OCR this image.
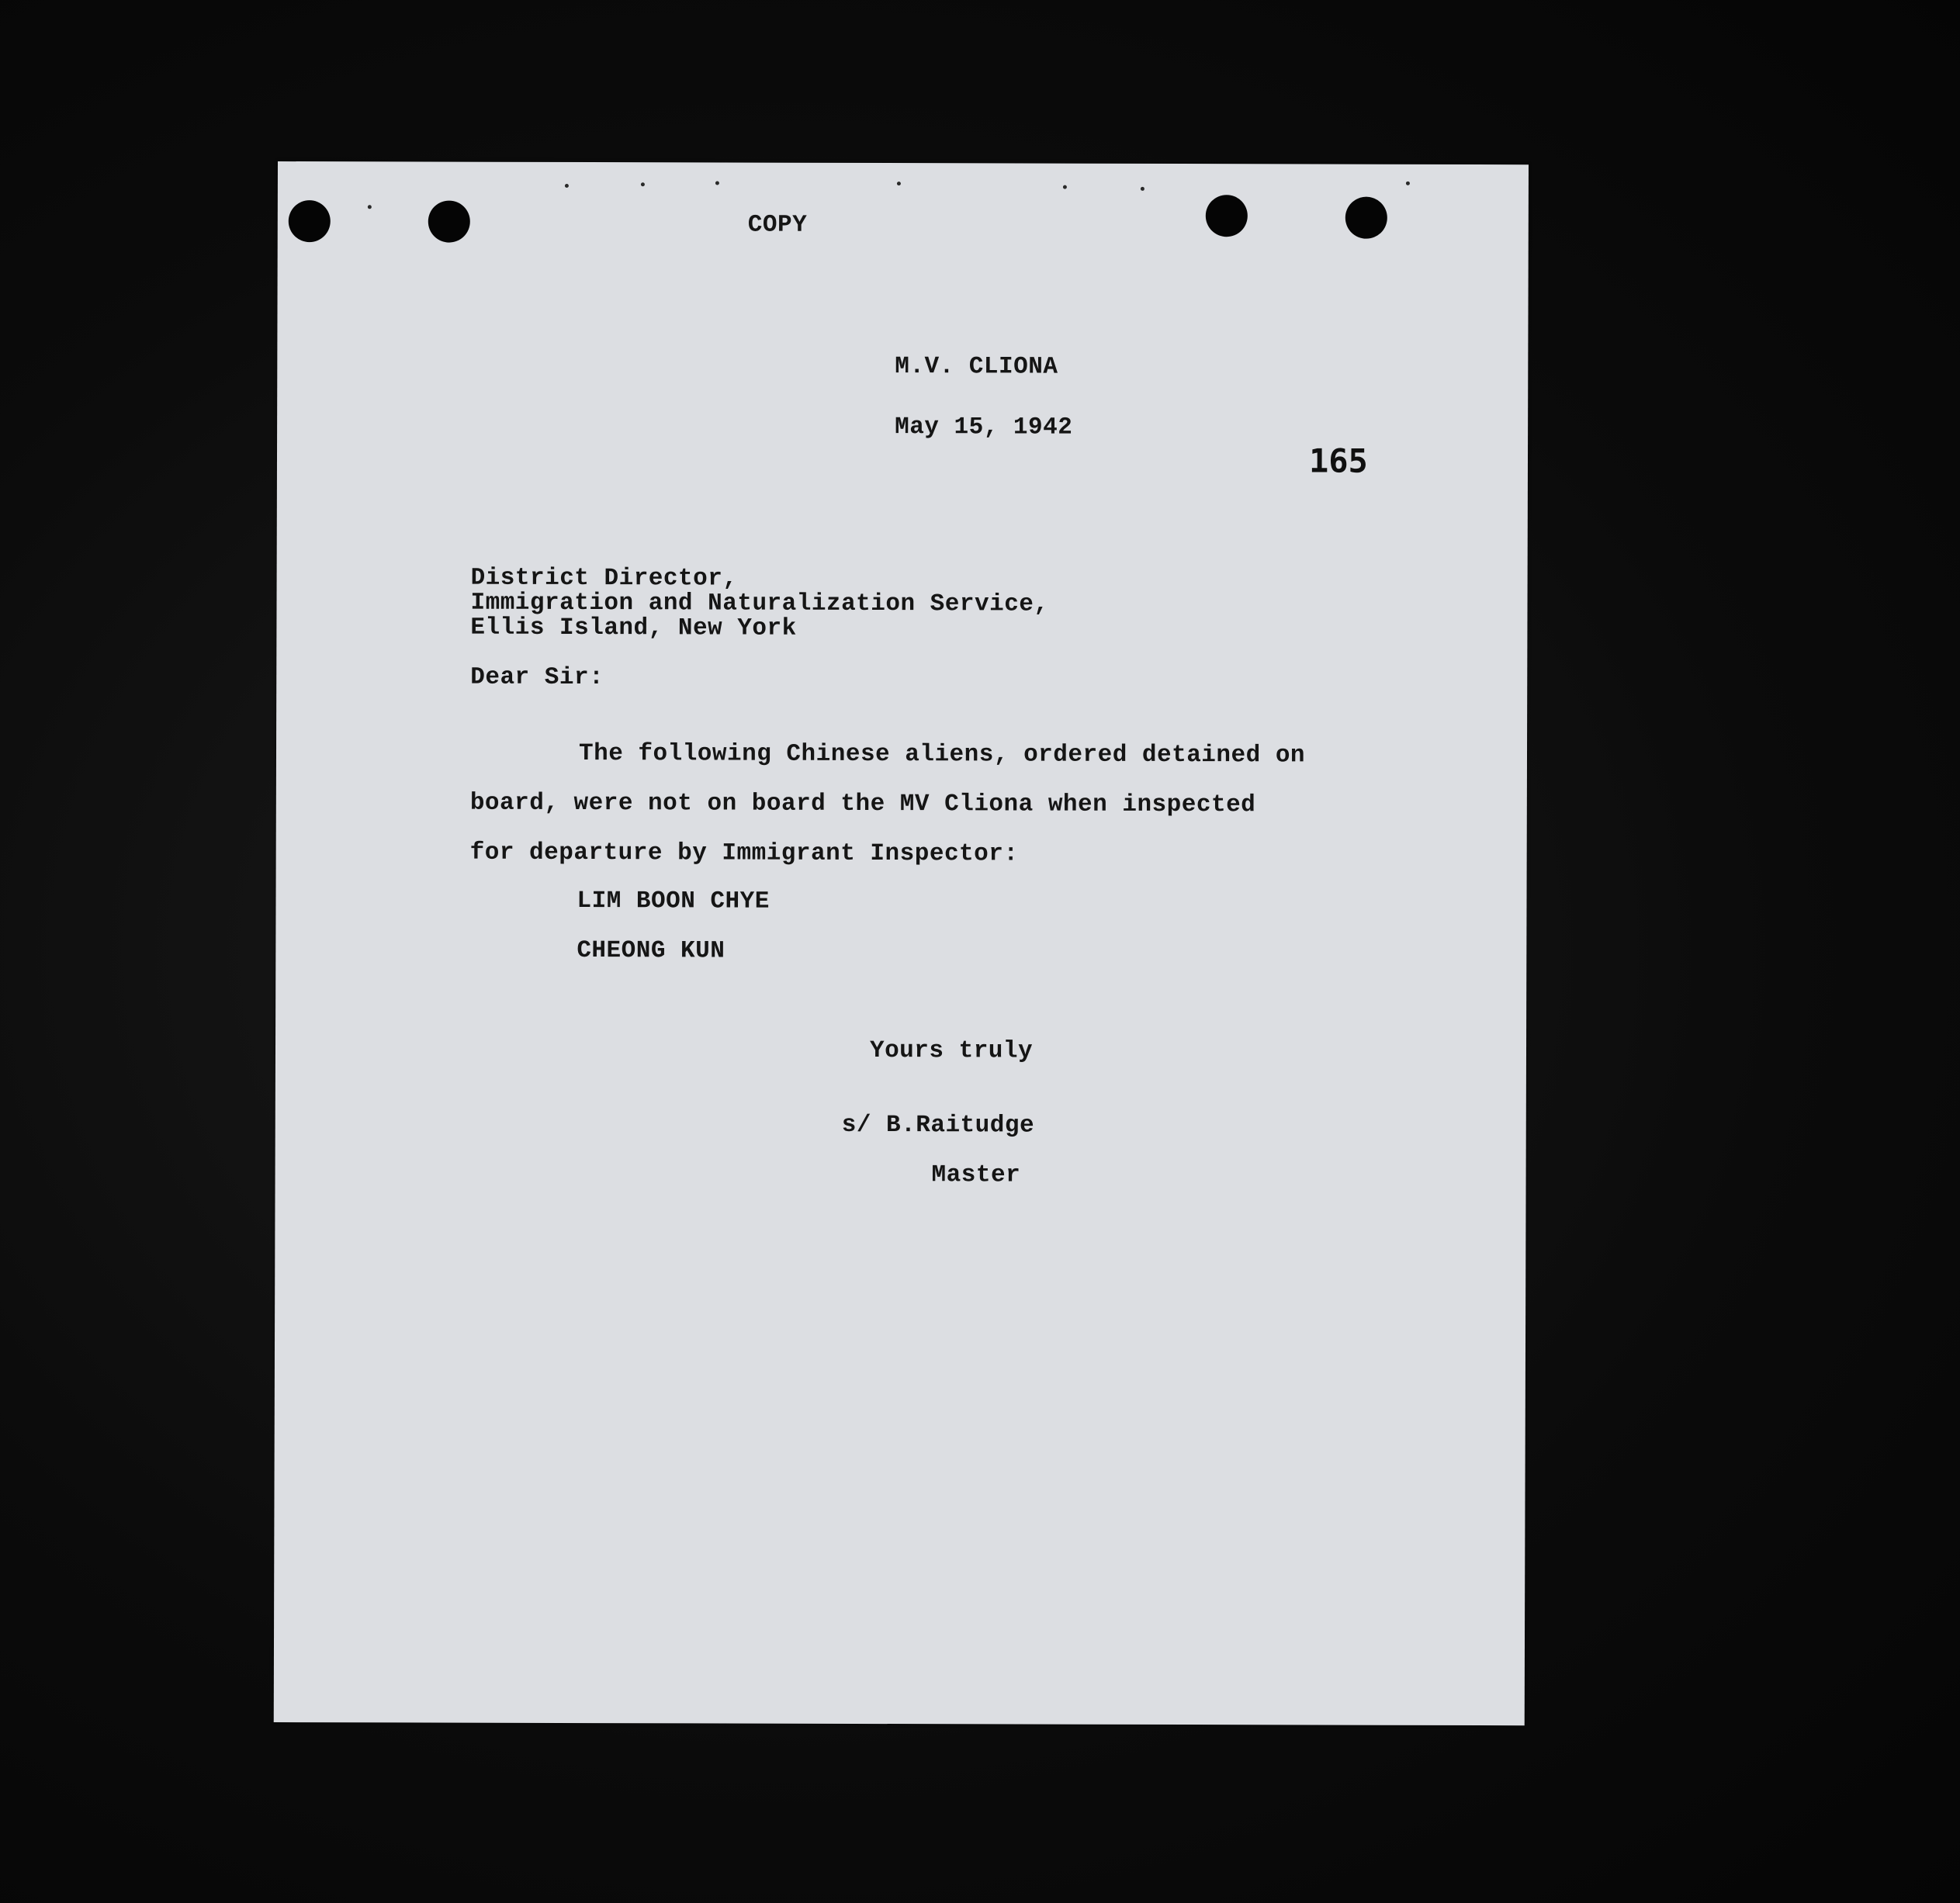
COPY
M.V. CLIONA
May 15, 1942
165
District Director,
Immigration and Naturalization Service,
Ellis Island, New York
Dear Sir:
The following Chinese aliens, ordered detained on
board, were not on board the MV Cliona when inspected
for departure by Immigrant Inspector:
LIM BOON CHYE
CHEONG KUN
Yours truly
s/ B.Raitudge
Master
